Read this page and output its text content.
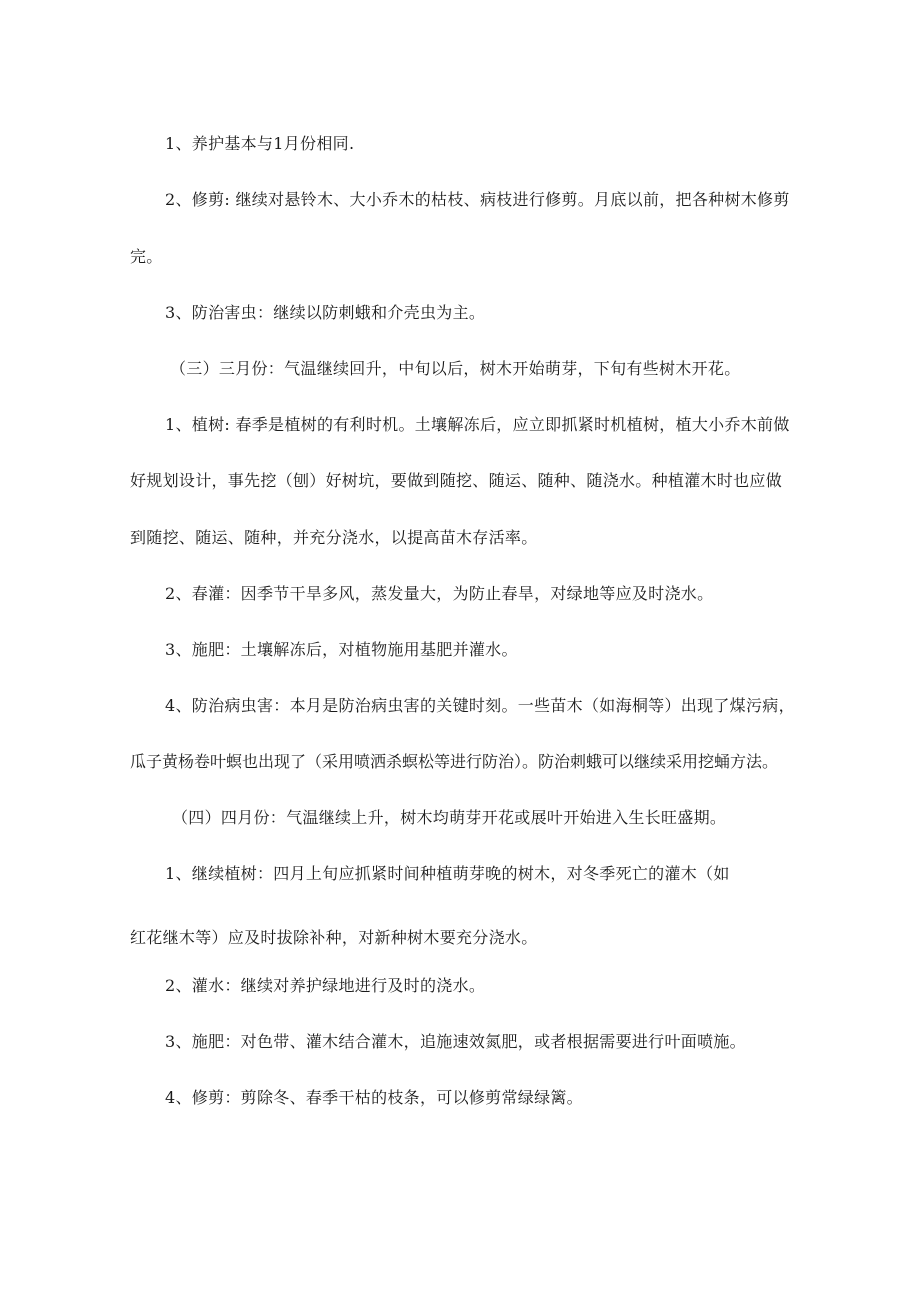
1、养护基本与1月份相同.
2、修剪: 继续对悬铃木、大小乔木的枯枝、病枝进行修剪。月底以前，把各种树木修剪
完。
3、防治害虫：继续以防刺蛾和介壳虫为主。
（三）三月份：气温继续回升，中旬以后，树木开始萌芽，下旬有些树木开花。
1、植树: 春季是植树的有利时机。土壤解冻后，应立即抓紧时机植树，植大小乔木前做
好规划设计，事先挖（刨）好树坑，要做到随挖、随运、随种、随浇水。种植灌木时也应做
到随挖、随运、随种，并充分浇水，以提高苗木存活率。
2、春灌：因季节干旱多风，蒸发量大，为防止春旱，对绿地等应及时浇水。
3、施肥：土壤解冻后，对植物施用基肥并灌水。
4、防治病虫害：本月是防治病虫害的关键时刻。一些苗木（如海桐等）出现了煤污病，
瓜子黄杨卷叶螟也出现了（采用喷洒杀螟松等进行防治）。防治刺蛾可以继续采用挖蛹方法。
（四）四月份：气温继续上升，树木均萌芽开花或展叶开始进入生长旺盛期。
1、继续植树：四月上旬应抓紧时间种植萌芽晚的树木，对冬季死亡的灌木（如
红花继木等）应及时拔除补种，对新种树木要充分浇水。
2、灌水：继续对养护绿地进行及时的浇水。
3、施肥：对色带、灌木结合灌木，追施速效氮肥，或者根据需要进行叶面喷施。
4、修剪：剪除冬、春季干枯的枝条，可以修剪常绿绿篱。
